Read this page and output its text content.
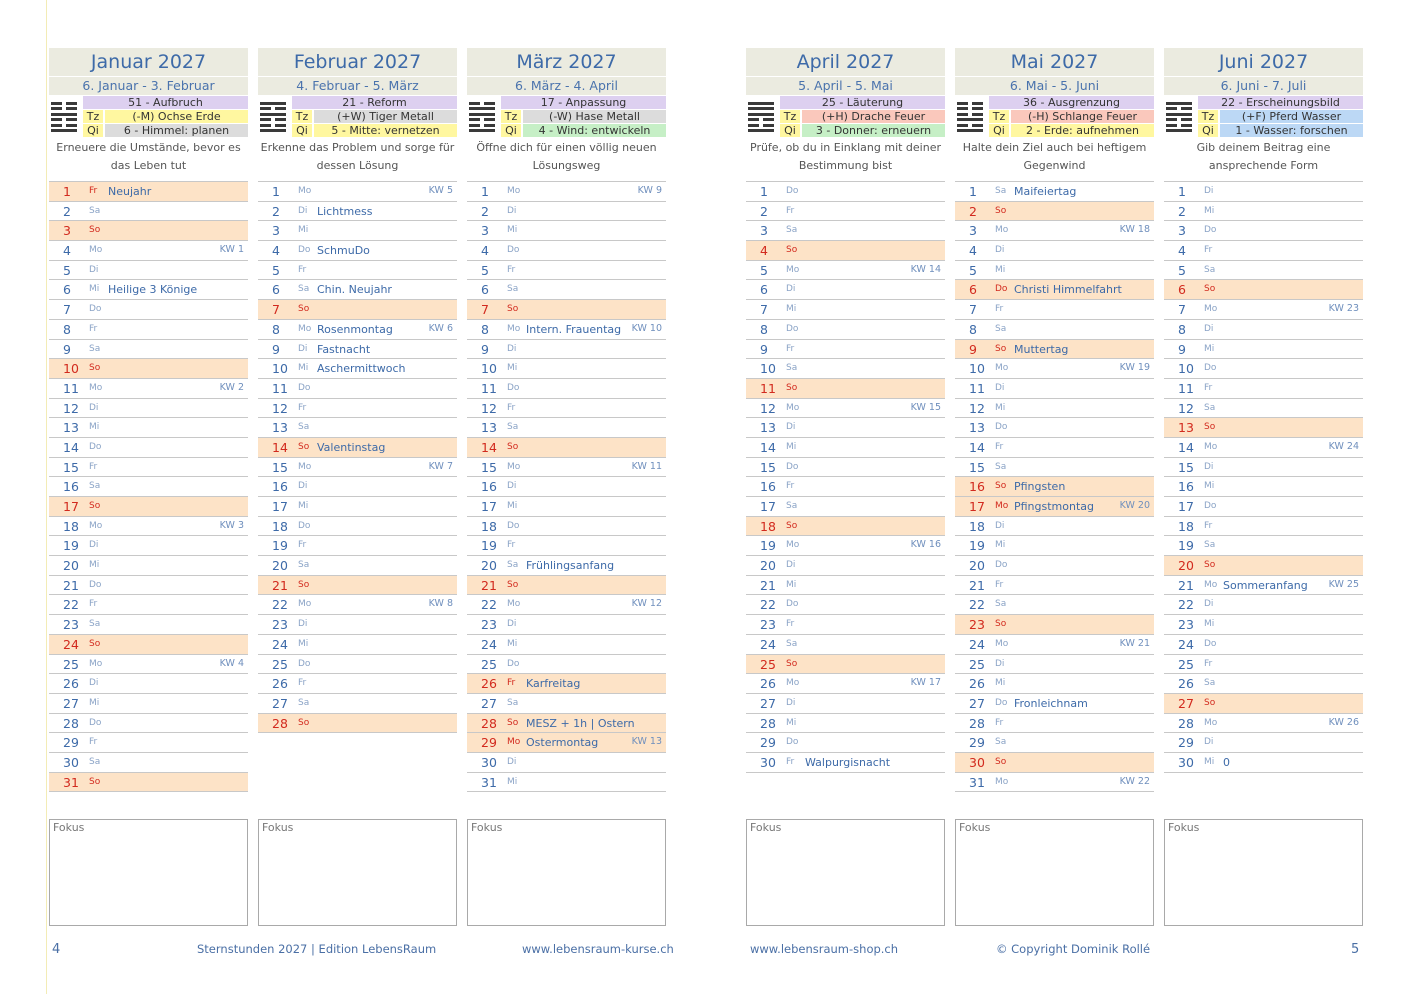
Januar 2027
6. Januar - 3. Februar
51 - Aufbruch
Tz	(-M) Ochse Erde
Qi	6 - Himmel: planen
Erneuere die Umstände, bevor es das Leben tut
1 Fr Neujahr
2 Sa
3 So
4 Mo	KW 1
5 Di
6 Mi Heilige 3 Könige
7 Do
8 Fr
9 Sa
10 So
11 Mo	KW 2
12 Di
13 Mi
14 Do
15 Fr
16 Sa
17 So
18 Mo	KW 3
19 Di
20 Mi
21 Do
22 Fr
23 Sa
24 So
25 Mo	KW 4
26 Di
27 Mi
28 Do
29 Fr
30 Sa
31 So
Fokus
Februar 2027
4. Februar - 5. März
21 - Reform
Tz	(+W) Tiger Metall
Qi	5 - Mitte: vernetzen
Erkenne das Problem und sorge für dessen Lösung
1 Mo	KW 5
2 Di Lichtmess
3 Mi
4 Do SchmuDo
5 Fr
6 Sa Chin. Neujahr
7 So
8 Mo Rosenmontag	KW 6
9 Di Fastnacht
10 Mi Aschermittwoch
11 Do
12 Fr
13 Sa
14 So Valentinstag
15 Mo	KW 7
16 Di
17 Mi
18 Do
19 Fr
20 Sa
21 So
22 Mo	KW 8
23 Di
24 Mi
25 Do
26 Fr
27 Sa
28 So
Fokus
März 2027
6. März - 4. April
17 - Anpassung
Tz	(-W) Hase Metall
Qi	4 - Wind: entwickeln
Öffne dich für einen völlig neuen Lösungsweg
1 Mo	KW 9
2 Di
3 Mi
4 Do
5 Fr
6 Sa
7 So
8 Mo Intern. Frauentag KW 10
9 Di
10 Mi
11 Do
12 Fr
13 Sa
14 So
15 Mo	KW 11
16 Di
17 Mi
18 Do
19 Fr
20 Sa Frühlingsanfang
21 So
22 Mo	KW 12
23 Di
24 Mi
25 Do
26 Fr Karfreitag
27 Sa
28 So MESZ + 1h | Ostern
29 Mo Ostermontag	KW 13
30 Di
31 Mi
Fokus
April 2027
5. April - 5. Mai
25 - Läuterung
Tz	(+H) Drache Feuer
Qi	3 - Donner: erneuern
Prüfe, ob du in Einklang mit deiner Bestimmung bist
1 Do
2 Fr
3 Sa
4 So
5 Mo	KW 14
6 Di
7 Mi
8 Do
9 Fr
10 Sa
11 So
12 Mo	KW 15
13 Di
14 Mi
15 Do
16 Fr
17 Sa
18 So
19 Mo	KW 16
20 Di
21 Mi
22 Do
23 Fr
24 Sa
25 So
26 Mo	KW 17
27 Di
28 Mi
29 Do
30 Fr Walpurgisnacht
Fokus
Mai 2027
6. Mai - 5. Juni
36 - Ausgrenzung
Tz	(-H) Schlange Feuer
Qi	2 - Erde: aufnehmen
Halte dein Ziel auch bei heftigem Gegenwind
1 Sa Maifeiertag
2 So
3 Mo	KW 18
4 Di
5 Mi
6 Do Christi Himmelfahrt
7 Fr
8 Sa
9 So Muttertag
10 Mo	KW 19
11 Di
12 Mi
13 Do
14 Fr
15 Sa
16 So Pfingsten
17 Mo Pfingstmontag	KW 20
18 Di
19 Mi
20 Do
21 Fr
22 Sa
23 So
24 Mo	KW 21
25 Di
26 Mi
27 Do Fronleichnam
28 Fr
29 Sa
30 So
31 Mo	KW 22
Fokus
Juni 2027
6. Juni - 7. Juli
22 - Erscheinungsbild
Tz	(+F) Pferd Wasser
Qi	1 - Wasser: forschen
Gib deinem Beitrag eine ansprechende Form
1 Di
2 Mi
3 Do
4 Fr
5 Sa
6 So
7 Mo	KW 23
8 Di
9 Mi
10 Do
11 Fr
12 Sa
13 So
14 Mo	KW 24
15 Di
16 Mi
17 Do
18 Fr
19 Sa
20 So
21 Mo Sommeranfang KW 25
22 Di
23 Mi
24 Do
25 Fr
26 Sa
27 So
28 Mo	KW 26
29 Di
30 Mi 0
Fokus
4	Sternstunden 2027 | Edition LebensRaum	www.lebensraum-kurse.ch	www.lebensraum-shop.ch	© Copyright Dominik Rollé	5
